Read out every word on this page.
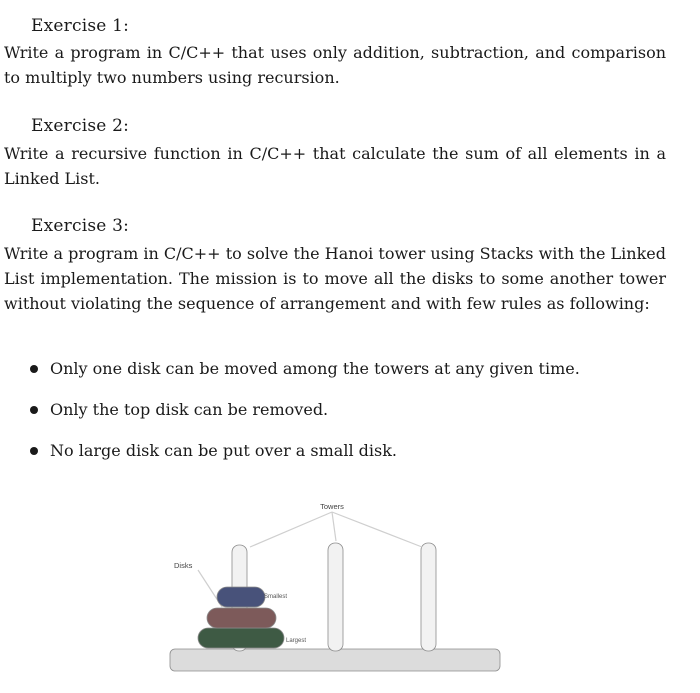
Exercise 1:

Write a program in C/C++ that uses only addition, subtraction, and comparison to multiply two numbers using recursion.

Exercise 2:

Write a recursive function in C/C++ that calculate the sum of all elements in a Linked List.

Exercise 3:

Write a program in C/C++ to solve the Hanoi tower using Stacks with the Linked List implementation. The mission is to move all the disks to some another tower without violating the sequence of arrangement and with few rules as following:

Only one disk can be moved among the towers at any given time.
Only the top disk can be removed.
No large disk can be put over a small disk.
Towers
Disks
Smallest
Largest
